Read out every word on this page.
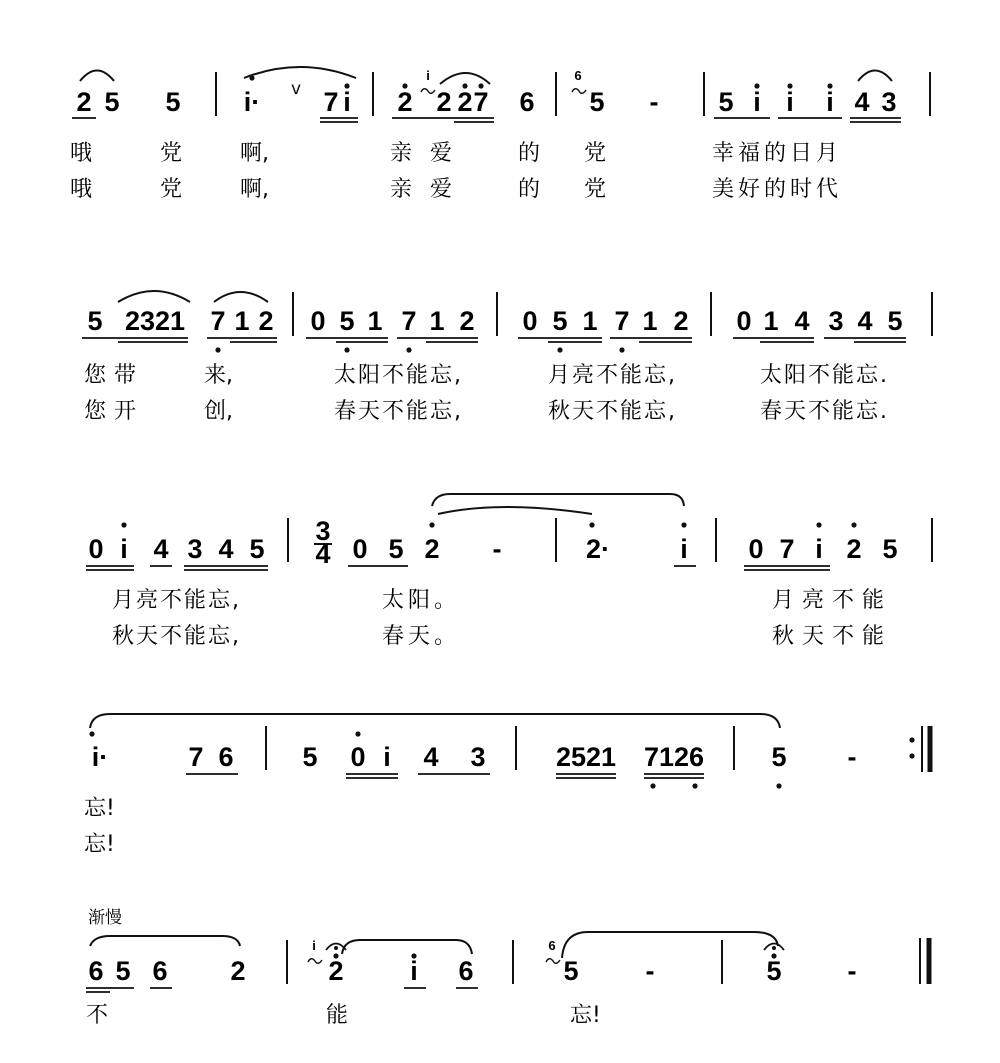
2 5 5 i· v 7 i 2
i
2 2 7 6
6
5 - 5 i i i 4 3
哦	党	啊,	亲 爱	的 党	幸福的日月
哦	党	啊,	亲 爱	的 党	美好的时代
5 2321 7 1 2 0 5 1 7 1 2 0 5 1 7 1 2 0 1 4 3 4 5
您带	来,	太阳不能忘,	月亮不能忘,	太阳不能忘.
您开	创,	春天不能忘,	秋天不能忘,	春天不能忘.
0 i 4 3 4 5
3
4 0 5 2 -	2·	i 0 7 i 2 5
月亮不能忘,	太阳。	月亮不能
秋天不能忘,	春天。	秋天不能
i·	7 6	5 0 i 4 3	2521 7126 5 -
忘!
忘!
渐慢
6 5 6 2
i
2 i 6
6
5 -	5 -
不	能	忘!
